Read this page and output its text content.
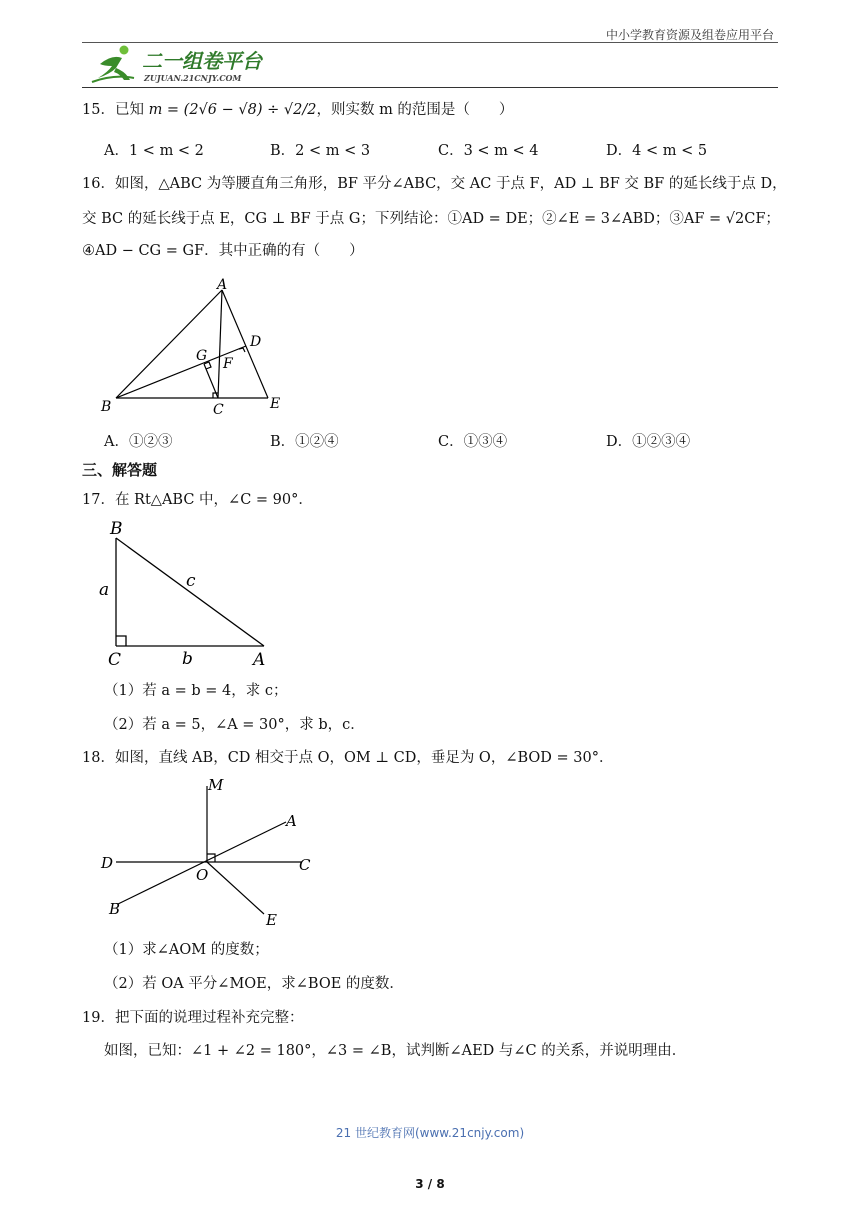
中小学教育资源及组卷应用平台
二一组卷平台
ZUJUAN.21CNJY.COM
15．已知 m = (2√6 − √8) ÷ √2/2，则实数 m 的范围是（　　）
A．1 < m < 2	B．2 < m < 3	C．3 < m < 4	D．4 < m < 5
16．如图，△ABC 为等腰直角三角形，BF 平分∠ABC，交 AC 于点 F，AD ⊥ BF 交 BF 的延长线于点 D，
交 BC 的延长线于点 E，CG ⊥ BF 于点 G；下列结论：①AD = DE；②∠E = 3∠ABD；③AF = √2CF；
④AD − CG = GF．其中正确的有（　　）
A
D
G F
B	C	E
A．①②③	B．①②④	C．①③④	D．①②③④
三、解答题
17．在 Rt△ABC 中，∠C = 90°．
B
a	c
C	b	A
（1）若 a = b = 4，求 c；
（2）若 a = 5，∠A = 30°，求 b，c．
18．如图，直线 AB，CD 相交于点 O，OM ⊥ CD，垂足为 O，∠BOD = 30°．
M
A
D	C
O
B
E
（1）求∠AOM 的度数；
（2）若 OA 平分∠MOE，求∠BOE 的度数．
19．把下面的说理过程补充完整：
如图，已知：∠1 + ∠2 = 180°，∠3 = ∠B，试判断∠AED 与∠C 的关系，并说明理由．
21 世纪教育网(www.21cnjy.com)
3 / 8
